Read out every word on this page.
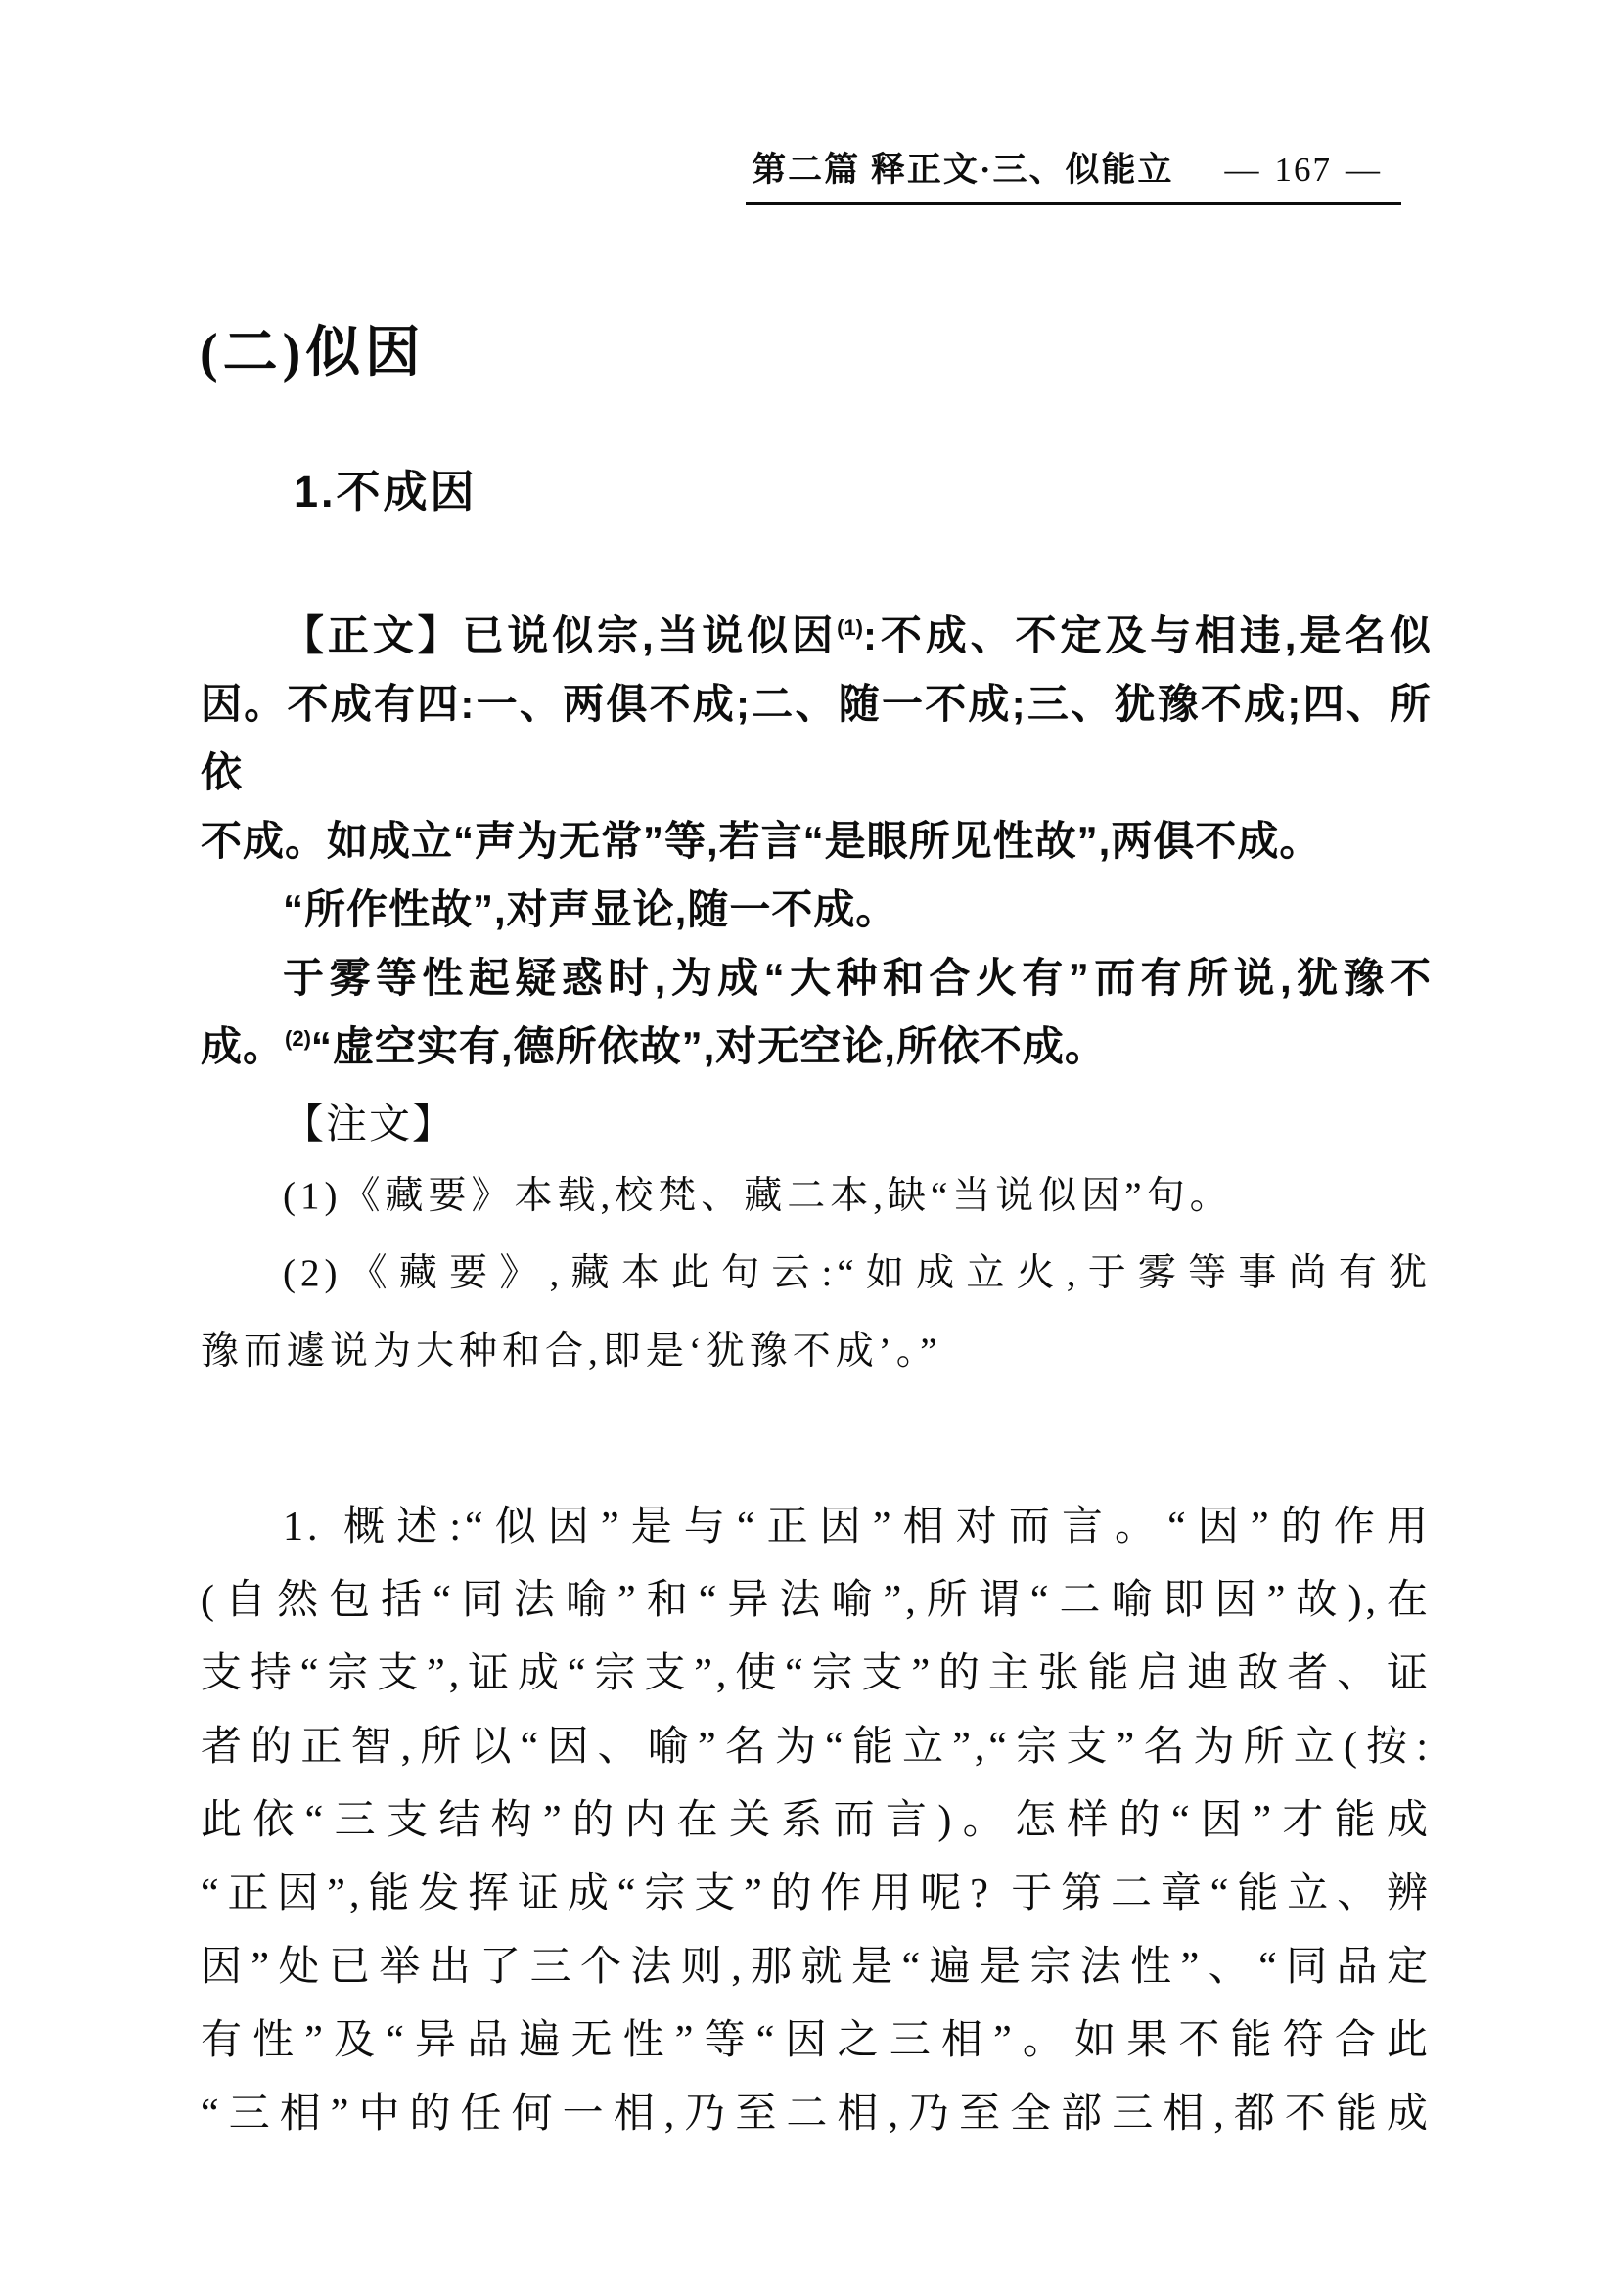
第二篇 释正文·三、似能立 — 167 —
(二)似因
1.不成因
【正文】已说似宗,当说似因$^{(1)}$:不成、不定及与相违,是名似
因。不成有四:一、两俱不成;二、随一不成;三、犹豫不成;四、所依
不成。如成立“声为无常”等,若言“是眼所见性故”,两俱不成。
“所作性故”,对声显论,随一不成。
于雾等性起疑惑时,为成“大种和合火有”而有所说,犹豫不
成。$^{(2)}$“虚空实有,德所依故”,对无空论,所依不成。
【注文】
(1)《藏要》本载,校梵、藏二本,缺“当说似因”句。
(2)《藏要》,藏本此句云:“如成立火,于雾等事尚有犹
豫而遽说为大种和合,即是‘犹豫不成’。”
1. 概述:“似因”是与“正因”相对而言。“因”的作用
(自然包括“同法喻”和“异法喻”,所谓“二喻即因”故),在
支持“宗支”,证成“宗支”,使“宗支”的主张能启迪敌者、证
者的正智,所以“因、喻”名为“能立”,“宗支”名为所立(按:
此依“三支结构”的内在关系而言)。怎样的“因”才能成
“正因”,能发挥证成“宗支”的作用呢? 于第二章“能立、辨
因”处已举出了三个法则,那就是“遍是宗法性”、“同品定
有性”及“异品遍无性”等“因之三相”。如果不能符合此
“三相”中的任何一相,乃至二相,乃至全部三相,都不能成
